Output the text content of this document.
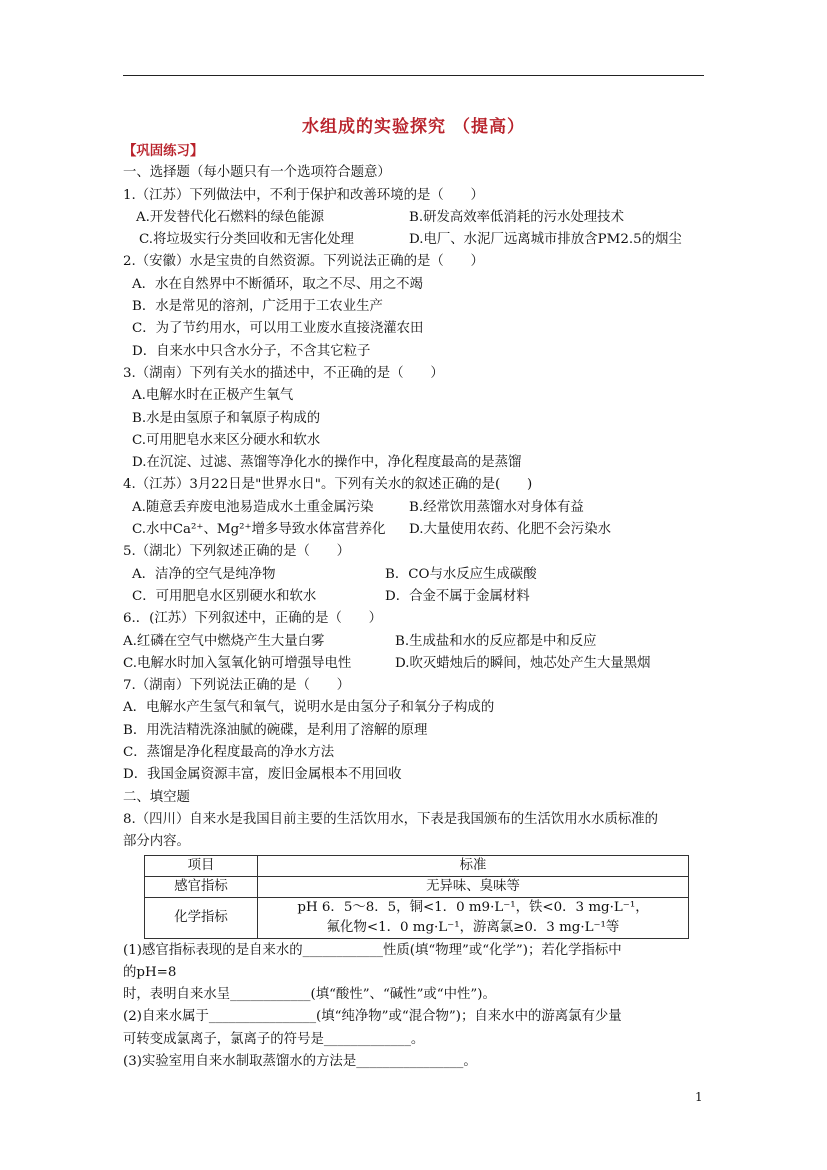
水组成的实验探究 （提高）
【巩固练习】
一、选择题（每小题只有一个选项符合题意）
1.（江苏）下列做法中，不利于保护和改善环境的是（　　）
A.开发替代化石燃料的绿色能源	B.研发高效率低消耗的污水处理技术
C.将垃圾实行分类回收和无害化处理	D.电厂、水泥厂远离城市排放含PM2.5的烟尘
2.（安徽）水是宝贵的自然资源。下列说法正确的是（　　）
A．水在自然界中不断循环，取之不尽、用之不竭
B．水是常见的溶剂，广泛用于工农业生产
C．为了节约用水，可以用工业废水直接浇灌农田
D．自来水中只含水分子，不含其它粒子
3.（湖南）下列有关水的描述中，不正确的是（　　）
A.电解水时在正极产生氧气
B.水是由氢原子和氧原子构成的
C.可用肥皂水来区分硬水和软水
D.在沉淀、过滤、蒸馏等净化水的操作中，净化程度最高的是蒸馏
4.（江苏）3月22日是"世界水日"。下列有关水的叙述正确的是(　　)
A.随意丢弃废电池易造成水土重金属污染	B.经常饮用蒸馏水对身体有益
C.水中Ca²⁺、Mg²⁺增多导致水体富营养化 D.大量使用农药、化肥不会污染水
5.（湖北）下列叙述正确的是（　　）
A．洁净的空气是纯净物	B．CO与水反应生成碳酸
C．可用肥皂水区别硬水和软水	D．合金不属于金属材料
6.．(江苏）下列叙述中，正确的是（　　）
A.红磷在空气中燃烧产生大量白雾	B.生成盐和水的反应都是中和反应
C.电解水时加入氢氧化钠可增强导电性	D.吹灭蜡烛后的瞬间，烛芯处产生大量黑烟
7.（湖南）下列说法正确的是（　　）
A．电解水产生氢气和氧气，说明水是由氢分子和氧分子构成的
B．用洗洁精洗涤油腻的碗碟，是利用了溶解的原理
C．蒸馏是净化程度最高的净水方法
D．我国金属资源丰富，废旧金属根本不用回收
二、填空题
8.（四川）自来水是我国目前主要的生活饮用水，下表是我国颁布的生活饮用水水质标准的
部分内容。
项目	标准
感官指标	无异味、臭味等
化学指标	pH 6．5～8．5，铜<1．0 m9·L⁻¹，铁<0．3 mg·L⁻¹，
氟化物<1．0 mg·L⁻¹，游离氯≥0．3 mg·L⁻¹等
(1)感官指标表现的是自来水的____________性质(填“物理”或“化学”)；若化学指标中
的pH=8
时，表明自来水呈____________(填“酸性”、“碱性”或“中性”)。
(2)自来水属于________________(填“纯净物”或“混合物”)；自来水中的游离氯有少量
可转变成氯离子，氯离子的符号是_____________。
(3)实验室用自来水制取蒸馏水的方法是________________。
1
